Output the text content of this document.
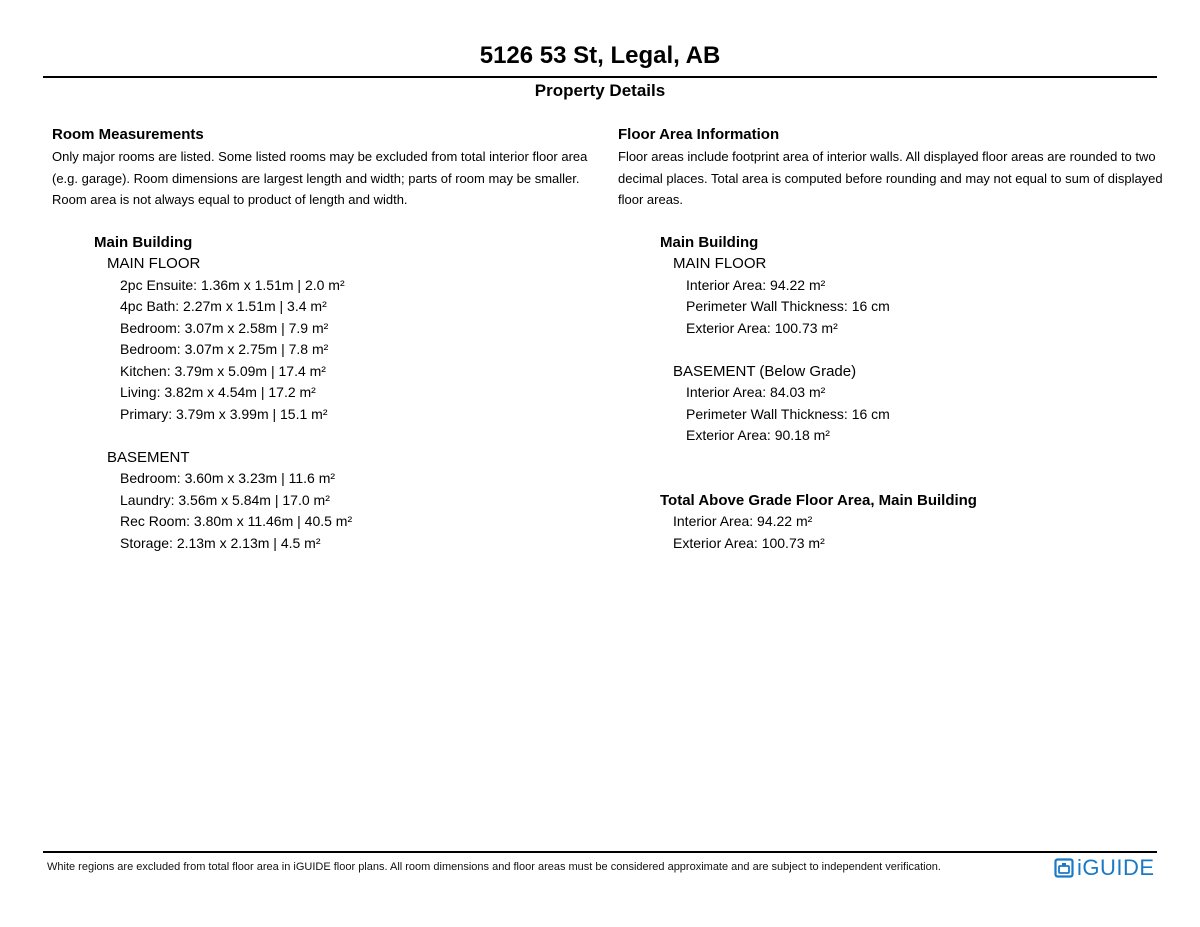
5126 53 St, Legal, AB
Property Details
Room Measurements
Only major rooms are listed. Some listed rooms may be excluded from total interior floor area
(e.g. garage). Room dimensions are largest length and width; parts of room may be smaller.
Room area is not always equal to product of length and width.
Main Building
MAIN FLOOR
2pc Ensuite: 1.36m x 1.51m | 2.0 m²
4pc Bath: 2.27m x 1.51m | 3.4 m²
Bedroom: 3.07m x 2.58m | 7.9 m²
Bedroom: 3.07m x 2.75m | 7.8 m²
Kitchen: 3.79m x 5.09m | 17.4 m²
Living: 3.82m x 4.54m | 17.2 m²
Primary: 3.79m x 3.99m | 15.1 m²
BASEMENT
Bedroom: 3.60m x 3.23m | 11.6 m²
Laundry: 3.56m x 5.84m | 17.0 m²
Rec Room: 3.80m x 11.46m | 40.5 m²
Storage: 2.13m x 2.13m | 4.5 m²
Floor Area Information
Floor areas include footprint area of interior walls. All displayed floor areas are rounded to two
decimal places. Total area is computed before rounding and may not equal to sum of displayed
floor areas.
Main Building
MAIN FLOOR
Interior Area: 94.22 m²
Perimeter Wall Thickness: 16 cm
Exterior Area: 100.73 m²
BASEMENT (Below Grade)
Interior Area: 84.03 m²
Perimeter Wall Thickness: 16 cm
Exterior Area: 90.18 m²
Total Above Grade Floor Area, Main Building
Interior Area: 94.22 m²
Exterior Area: 100.73 m²
White regions are excluded from total floor area in iGUIDE floor plans. All room dimensions and floor areas must be considered approximate and are subject to independent verification.	iGUIDE
